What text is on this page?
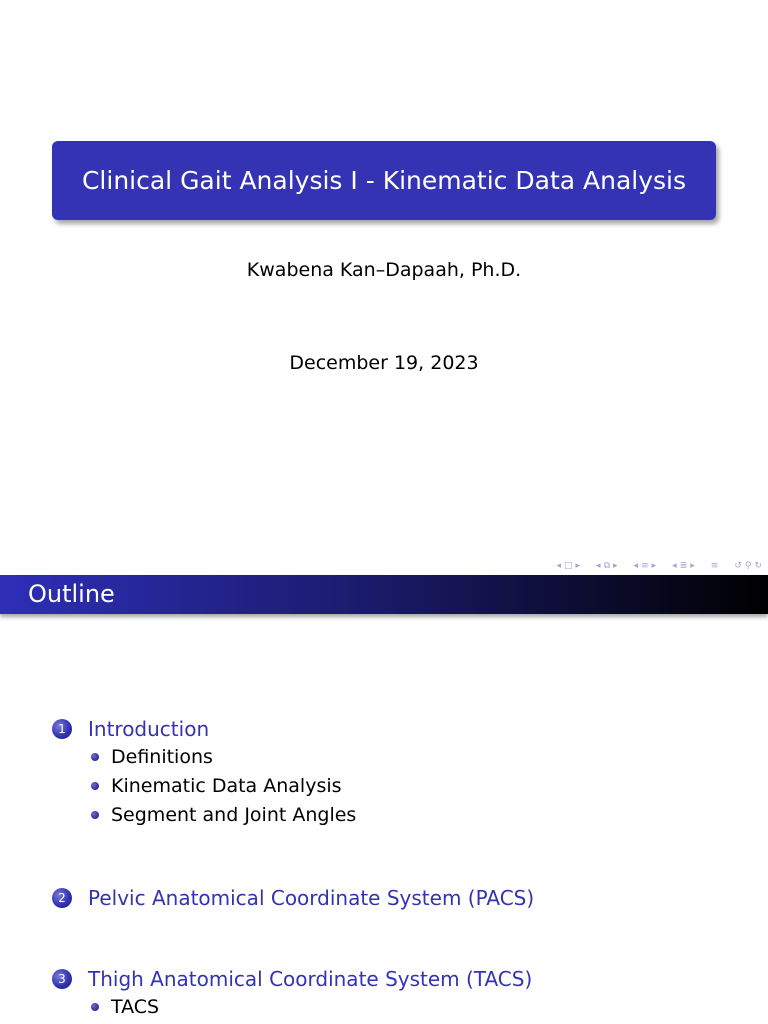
Clinical Gait Analysis I - Kinematic Data Analysis
Kwabena Kan–Dapaah, Ph.D.
December 19, 2023
◂ □ ▸ ◂ ⧉ ▸ ◂ ≡ ▸ ◂ ≣ ▸ ≡ ↺ ⚲ ↻
Outline
1	Introduction
Definitions
Kinematic Data Analysis
Segment and Joint Angles
2	Pelvic Anatomical Coordinate System (PACS)
3	Thigh Anatomical Coordinate System (TACS)
TACS
